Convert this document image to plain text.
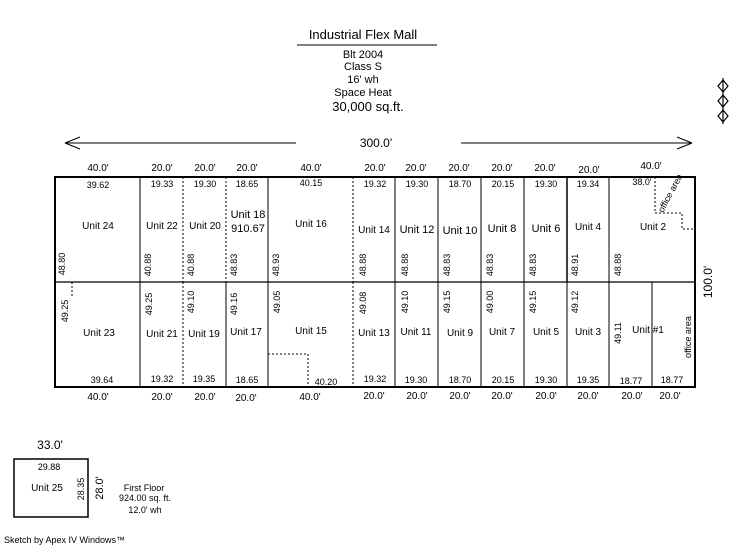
Industrial Flex Mall
Blt 2004
Class S
16' wh
Space Heat
30,000 sq.ft.
300.0'
40.0'	20.0' 20.0' 20.0'	40.0'	20.0' 20.0' 20.0' 20.0' 20.0' 20.0'	40.0'
39.62	19.33 19.30 18.65	40.15	19.32 19.30 18.70 20.15 19.30 19.34	38.0'
Unit 24	Unit 22 Unit 20
Unit 18
910.67	Unit 16
Unit 14 Unit 12 Unit 10 Unit 8 Unit 6 Unit 4	Unit 2
office area
48.80	40.88	40.88	48.83	48.93	48.88	48.88	48.83	48.83	48.83	48.91	48.88
49.25	49.25	49.10	49.16	49.05	49.08	49.10	49.15	49.00	49.15	49.12
49.11
Unit 23	Unit 21 Unit 19 Unit 17	Unit 15	Unit 13 Unit 11 Unit 9 Unit 7 Unit 5 Unit 3	Unit #1 office area
39.64	19.32 19.35 18.65	40.20	19.32 19.30 18.70 20.15 19.30 19.35 18.77 18.77
40.0'	20.0' 20.0' 20.0'	40.0'	20.0' 20.0' 20.0' 20.0' 20.0' 20.0' 20.0' 20.0'
100.0'
33.0'
29.88
Unit 25 28.35 28.0' First Floor
924.00 sq. ft.
12.0' wh
Sketch by Apex IV Windows™
